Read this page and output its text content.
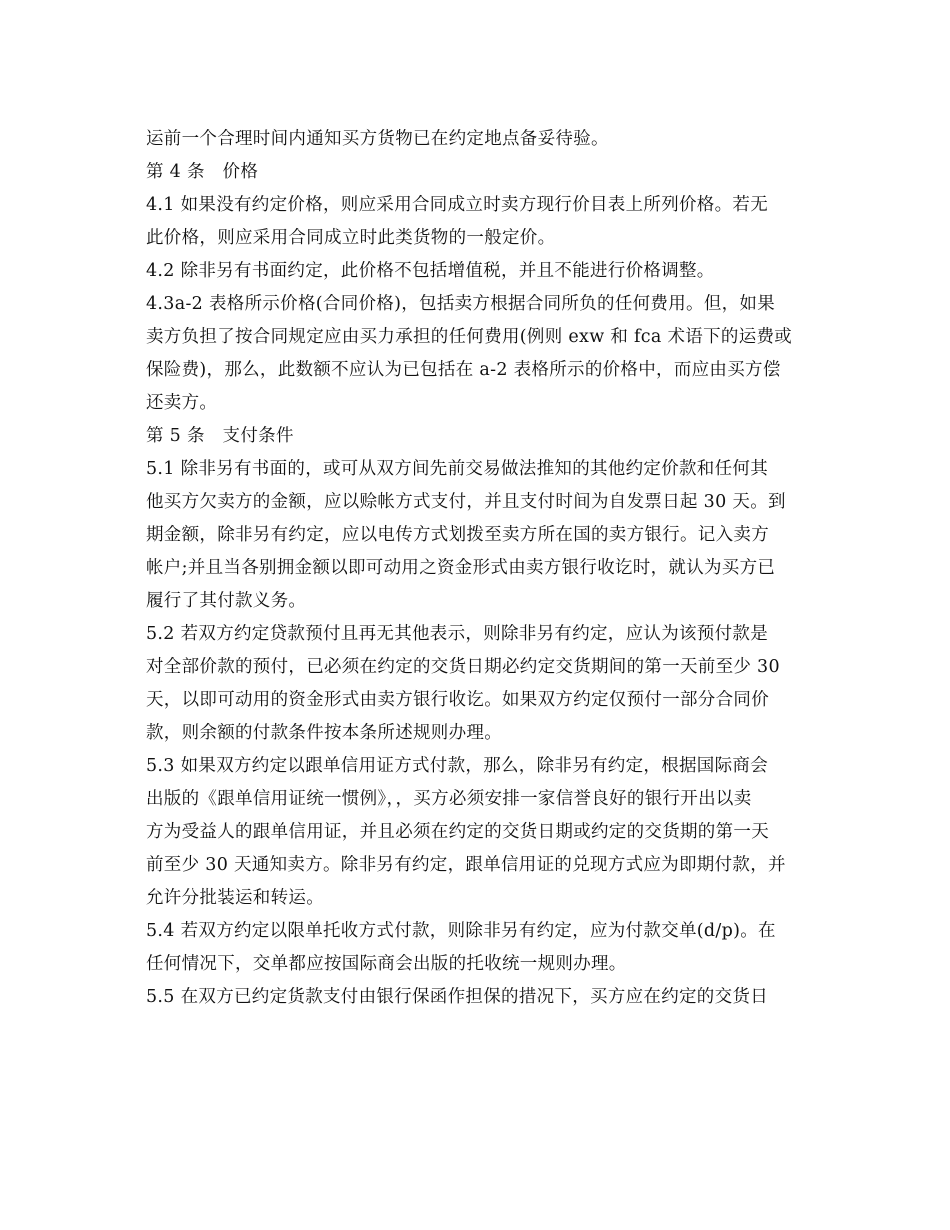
运前一个合理时间内通知买方货物已在约定地点备妥待验。
第 4 条　价格
4.1 如果没有约定价格，则应采用合同成立时卖方现行价目表上所列价格。若无
此价格，则应采用合同成立时此类货物的一般定价。
4.2 除非另有书面约定，此价格不包括增值税，并且不能进行价格调整。
4.3a-2 表格所示价格(合同价格)，包括卖方根据合同所负的任何费用。但，如果
卖方负担了按合同规定应由买力承担的任何费用(例则 exw 和 fca 术语下的运费或
保险费)，那么，此数额不应认为已包括在 a-2 表格所示的价格中，而应由买方偿
还卖方。
第 5 条　支付条件
5.1 除非另有书面的，或可从双方间先前交易做法推知的其他约定价款和任何其
他买方欠卖方的金额，应以赊帐方式支付，并且支付时间为自发票日起 30 天。到
期金额，除非另有约定，应以电传方式划拨至卖方所在国的卖方银行。记入卖方
帐户;并且当各别拥金额以即可动用之资金形式由卖方银行收讫时，就认为买方已
履行了其付款义务。
5.2 若双方约定贷款预付且再无其他表示，则除非另有约定，应认为该预付款是
对全部价款的预付，已必须在约定的交货日期必约定交货期间的第一天前至少 30
天，以即可动用的资金形式由卖方银行收讫。如果双方约定仅预付一部分合同价
款，则余额的付款条件按本条所述规则办理。
5.3 如果双方约定以跟单信用证方式付款，那么，除非另有约定，根据国际商会
出版的《跟单信用证统一惯例》，，买方必须安排一家信誉良好的银行开出以卖
方为受益人的跟单信用证，并且必须在约定的交货日期或约定的交货期的第一天
前至少 30 天通知卖方。除非另有约定，跟单信用证的兑现方式应为即期付款，并
允许分批装运和转运。
5.4 若双方约定以限单托收方式付款，则除非另有约定，应为付款交单(d/p)。在
任何情况下，交单都应按国际商会出版的托收统一规则办理。
5.5 在双方已约定货款支付由银行保函作担保的措况下，买方应在约定的交货日
